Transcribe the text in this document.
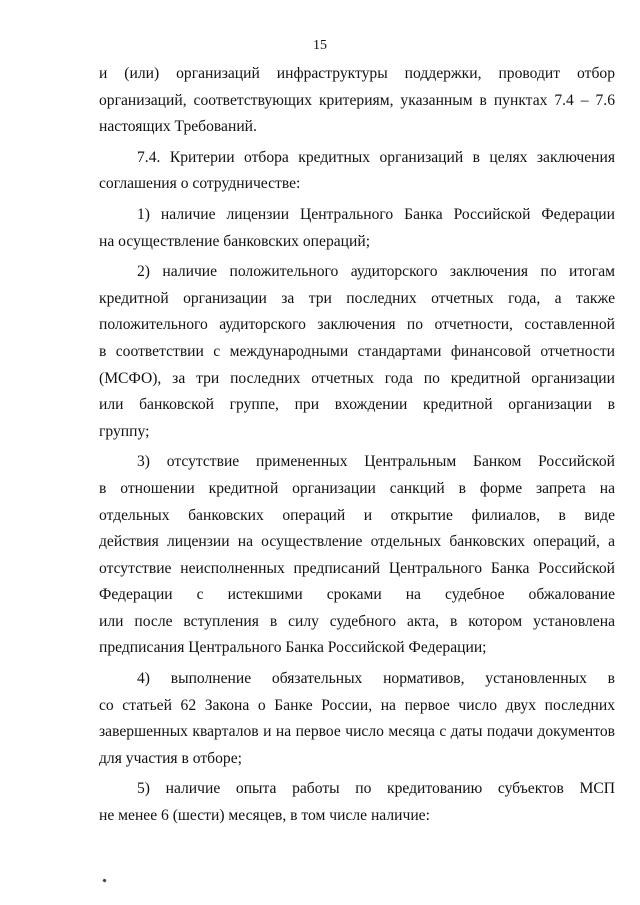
15
и (или) организаций инфраструктуры поддержки, проводит отбор
организаций, соответствующих критериям, указанным в пунктах 7.4 – 7.6
настоящих Требований.
7.4. Критерии отбора кредитных организаций в целях заключения
соглашения о сотрудничестве:
1) наличие лицензии Центрального Банка Российской Федерации
на осуществление банковских операций;
2) наличие положительного аудиторского заключения по итогам
кредитной организации за три последних отчетных года, а также
положительного аудиторского заключения по отчетности, составленной
в соответствии с международными стандартами финансовой отчетности
(МСФО), за три последних отчетных года по кредитной организации
или банковской группе, при вхождении кредитной организации в
группу;
3) отсутствие примененных Центральным Банком Российской
в отношении кредитной организации санкций в форме запрета на
отдельных банковских операций и открытие филиалов, в виде
действия лицензии на осуществление отдельных банковских операций, а
отсутствие неисполненных предписаний Центрального Банка Российской
Федерации с истекшими сроками на судебное обжалование
или после вступления в силу судебного акта, в котором установлена
предписания Центрального Банка Российской Федерации;
4) выполнение обязательных нормативов, установленных в
со статьей 62 Закона о Банке России, на первое число двух последних
завершенных кварталов и на первое число месяца с даты подачи документов
для участия в отборе;
5) наличие опыта работы по кредитованию субъектов МСП
не менее 6 (шести) месяцев, в том числе наличие:
